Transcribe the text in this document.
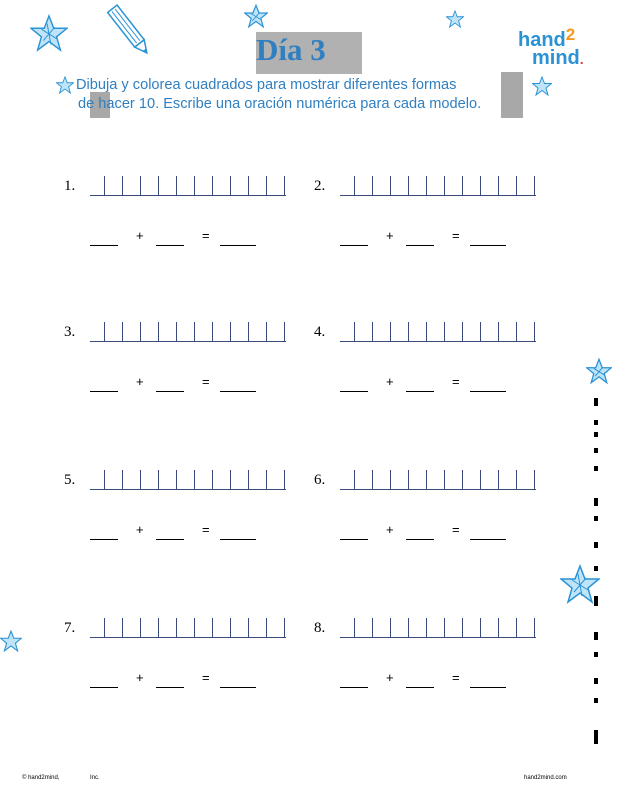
Día 3	hand$^2$
mind.

Dibuja y colorea cuadrados para mostrar diferentes formas

de hacer 10. Escribe una oración numérica para cada modelo.

1.
+	=
2.
+	=
3.
+	=
4.
+	=
5.
+	=
6.
+	=
7.
+	=
8.
+	=
© hand2mind,	Inc.	hand2mind.com
